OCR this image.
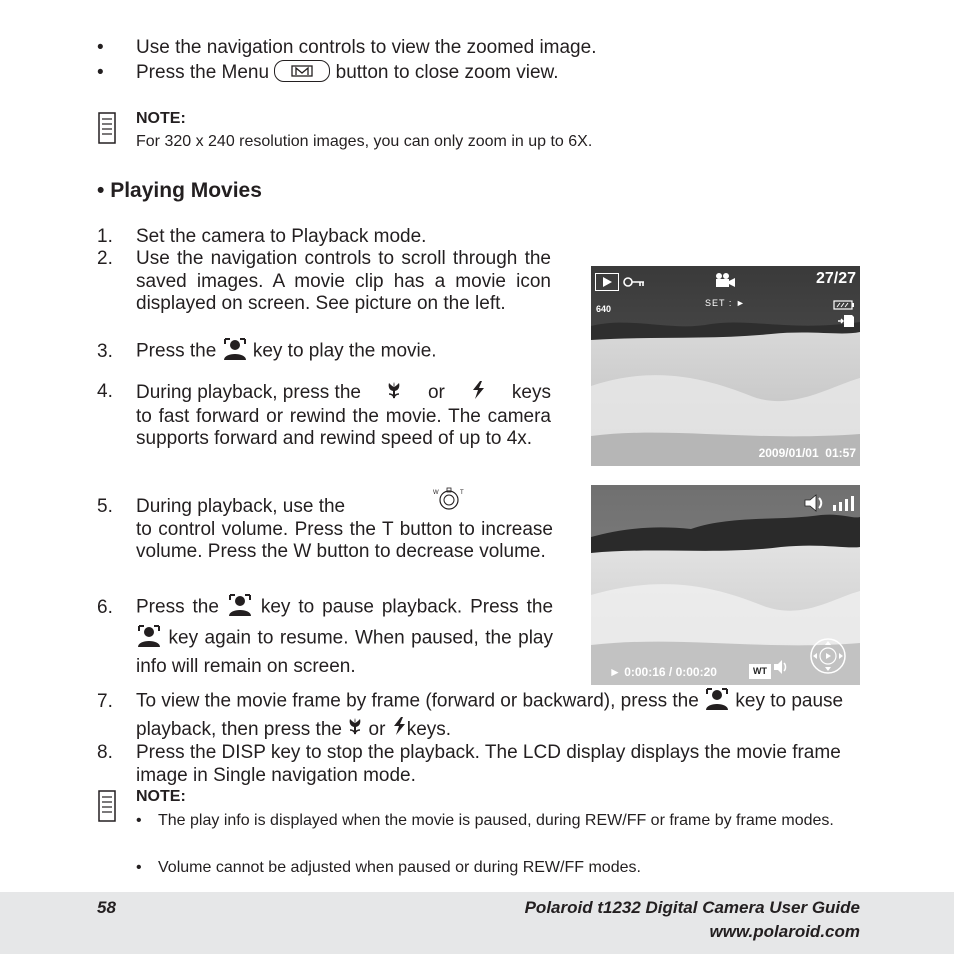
• Use the navigation controls to view the zoomed image.
• Press the Menu	button to close zoom view.
NOTE:
For 320 x 240 resolution images, you can only zoom in up to 6X.
• Playing Movies
1. Set the camera to Playback mode.
2. Use the navigation controls to scroll through the saved images. A movie clip has a movie icon displayed on screen. See picture on the left.
3. Press the key to play the movie.
4. During playback, press the	or	keys
to fast forward or rewind the movie. The camera supports forward and rewind speed of up to 4x.
5. During playback, use the
W	T
to control volume. Press the T button to increase volume. Press the W button to decrease volume.
6. Press the key to pause playback. Press the  key again to resume. When paused, the play info will remain on screen.
7. To view the movie frame by frame (forward or backward), press the key to pause playback, then press the or keys.
8. Press the DISP key to stop the playback. The LCD display displays the movie frame image in Single navigation mode.
NOTE:
• The play info is displayed when the movie is paused, during REW/FF or frame by frame modes.
• Volume cannot be adjusted when paused or during REW/FF modes.
27/27
SET : ►
640
2009/01/01  01:57
► 0:00:16 / 0:00:20	WT
58	Polaroid t1232 Digital Camera User Guide
www.polaroid.com
